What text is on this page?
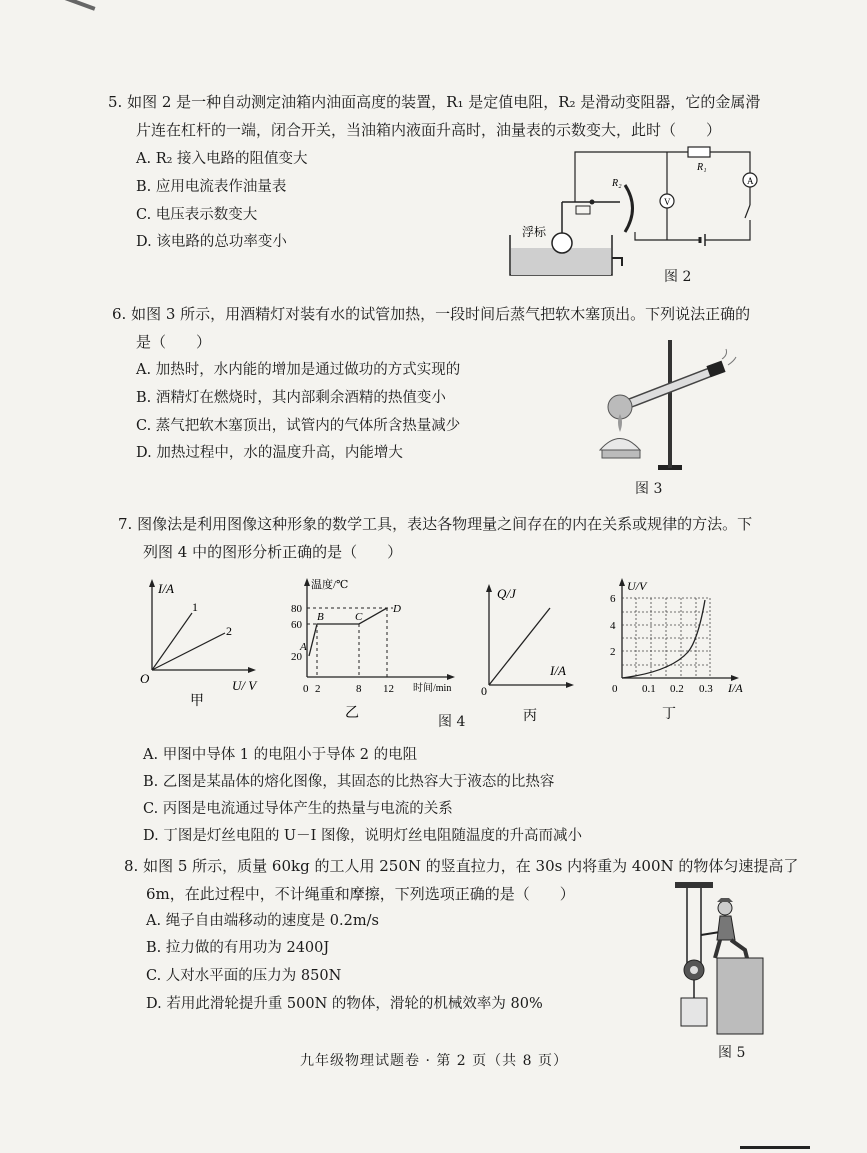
5. 如图 2 是一种自动测定油箱内油面高度的装置，R₁ 是定值电阻，R₂ 是滑动变阻器，它的金属滑
片连在杠杆的一端，闭合开关，当油箱内液面升高时，油量表的示数变大，此时（　　）
A. R₂ 接入电路的阻值变大
B. 应用电流表作油量表
C. 电压表示数变大
D. 该电路的总功率变小
浮标
R₂
R₁
A
V
图 2
6. 如图 3 所示，用酒精灯对装有水的试管加热，一段时间后蒸气把软木塞顶出。下列说法正确的
是（　　）
A. 加热时，水内能的增加是通过做功的方式实现的
B. 酒精灯在燃烧时，其内部剩余酒精的热值变小
C. 蒸气把软木塞顶出，试管内的气体所含热量减少
D. 加热过程中，水的温度升高，内能增大
图 3
7. 图像法是利用图像这种形象的数学工具，表达各物理量之间存在的内在关系或规律的方法。下
列图 4 中的图形分析正确的是（　　）
I/A
U/ V
O
1
2
甲
温度/℃
80
60
20
0 2	8 12 时间/min
A
B	C
D
乙
图 4
Q/J
I/A
0
丙
U/V
6
4
2
0 0.1 0.2 0.3 I/A
丁
A. 甲图中导体 1 的电阻小于导体 2 的电阻
B. 乙图是某晶体的熔化图像，其固态的比热容大于液态的比热容
C. 丙图是电流通过导体产生的热量与电流的关系
D. 丁图是灯丝电阻的 U－I 图像，说明灯丝电阻随温度的升高而减小
8. 如图 5 所示，质量 60kg 的工人用 250N 的竖直拉力，在 30s 内将重为 400N 的物体匀速提高了
6m，在此过程中，不计绳重和摩擦，下列选项正确的是（　　）
A. 绳子自由端移动的速度是 0.2m/s
B. 拉力做的有用功为 2400J
C. 人对水平面的压力为 850N
D. 若用此滑轮提升重 500N 的物体，滑轮的机械效率为 80%
图 5
九年级物理试题卷 · 第 2 页（共 8 页）
